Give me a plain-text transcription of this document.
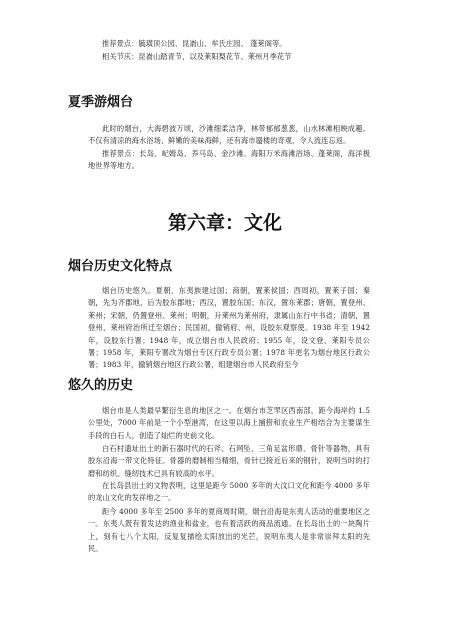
推荐景点：毓璜顶公园、昆嵛山、牟氏庄园、 蓬莱阁等。

相关节庆：昆嵛山踏青节，以及莱阳梨花节、莱州月季花节

夏季游烟台

此时的烟台，大海碧波万顷，沙滩细柔洁净，林带郁郁葱葱，山水林滩相映成趣。不仅有清凉的海水浴场、鲜嫩的美味海鲜，还有海市蜃楼的奇观，令人流连忘返。

推荐景点：长岛、屺姆岛、养马岛、金沙滩、海阳万米海滩浴场、蓬莱阁，海洋极地世界等地方。

第六章：文化
烟台历史文化特点

烟台历史悠久。夏朝，东夷族建过国；商朝，置莱侯国；西周初，置莱子国；秦朝，先为齐郡地，后为胶东郡地；西汉，置胶东国；东汉，置东莱郡；唐朝，置登州、莱州；宋朝，仍置登州、莱州；明朝，升莱州为莱州府，隶属山东行中书省；清朝，置登州、莱州府治所迁至烟台；民国初，撤销府、州，设胶东观察使。1938 年至 1942 年，设胶东行署；1948 年，成立烟台市人民政府；1955 年，设文登、莱阳专员公署；1958 年，莱阳专署改为烟台专区行政专员公署；1978 年更名为烟台地区行政公署；1983 年，撤销烟台地区行政公署，组建烟台市人民政府至今

悠久的历史

烟台市是人类最早繁衍生息的地区之一。在烟台市芝罘区西南部，距今海岸约 1.5 公里处，7000 年前是一个小型港湾，在这里以海上捕捞和农业生产相结合为主要谋生手段的白石人，创造了灿烂的史前文化。

白石村遗址出土的新石器时代的石斧、石网坠、三角足盆形鼎、骨针等器物，具有胶东沿海一带文化特征。骨器的磨制相当精细，骨针已接近后来的钢针，说明当时的打磨和纺织、缝纫技术已具有较高的水平。

在长岛县出土的文物表明，这里是距今 5000 多年的大汶口文化和距今 4000 多年的龙山文化的发祥地之一。

距今 4000 多年至 2500 多年的夏商周时期，烟台沿海是东夷人活动的重要地区之一。东夷人既有着发达的渔业和盐业，也有着活跃的商品流通。在长岛出土的一块陶片上，刻有七八个太阳，反复复描绘太阳放出的光芒，说明东夷人是非常崇拜太阳的先民。
